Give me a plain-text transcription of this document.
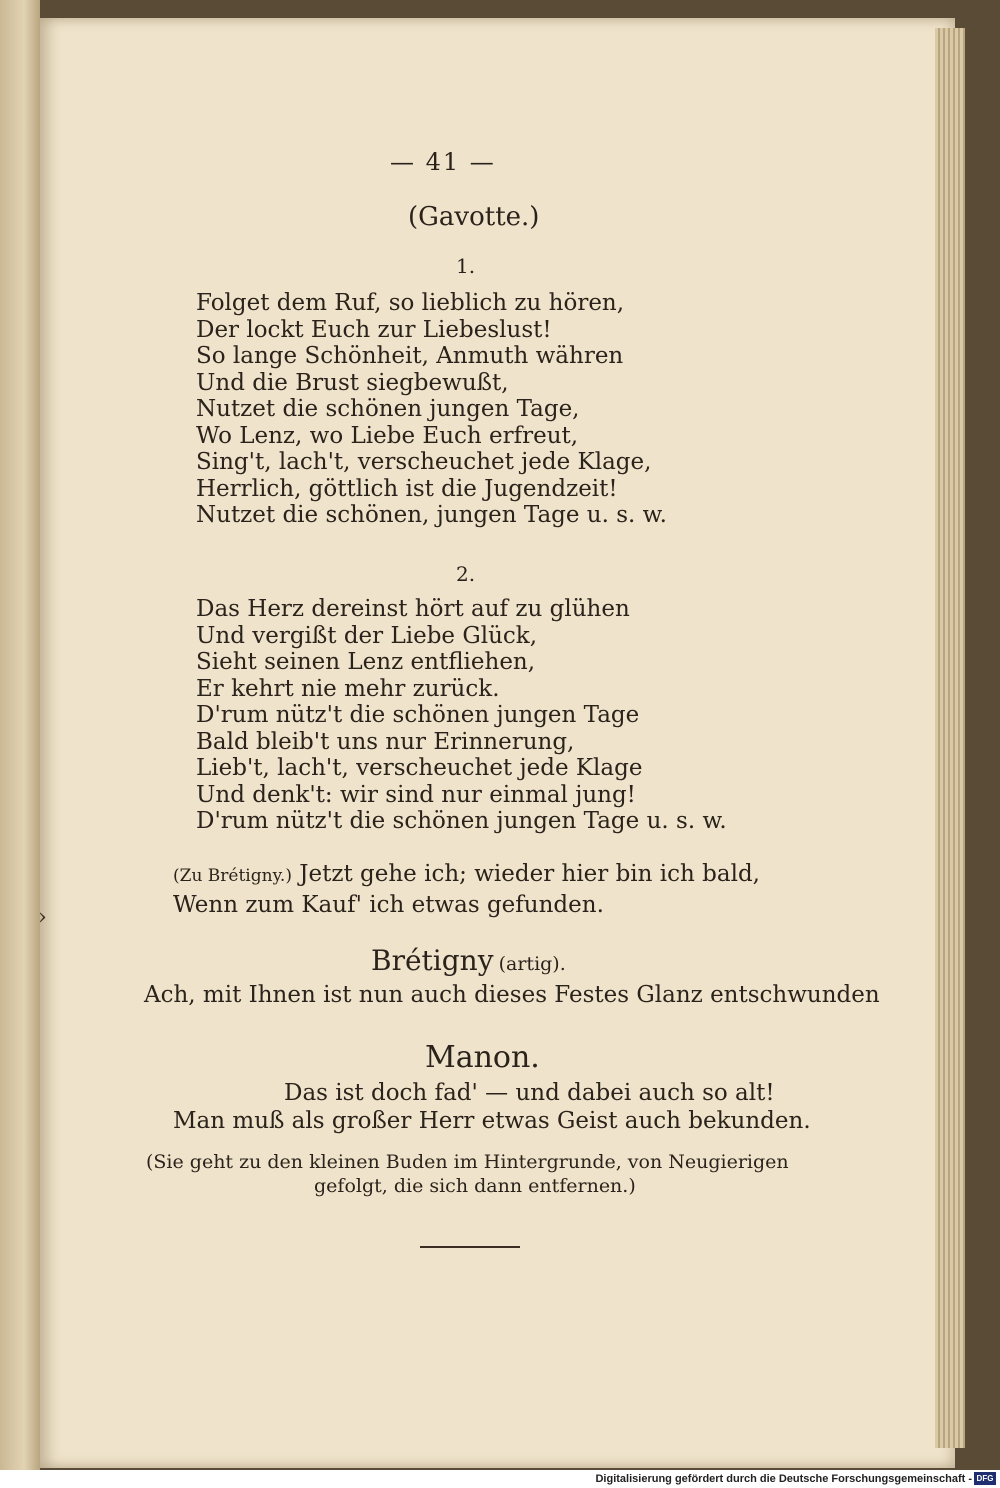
›
— 41 —
(Gavotte.)
1.
Folget dem Ruf, so lieblich zu hören,
Der lockt Euch zur Liebeslust!
So lange Schönheit, Anmuth währen
Und die Brust siegbewußt,
Nutzet die schönen jungen Tage,
Wo Lenz, wo Liebe Euch erfreut,
Sing't, lach't, verscheuchet jede Klage,
Herrlich, göttlich ist die Jugendzeit!
Nutzet die schönen, jungen Tage u. s. w.
2.
Das Herz dereinst hört auf zu glühen
Und vergißt der Liebe Glück,
Sieht seinen Lenz entfliehen,
Er kehrt nie mehr zurück.
D'rum nütz't die schönen jungen Tage
Bald bleib't uns nur Erinnerung,
Lieb't, lach't, verscheuchet jede Klage
Und denk't: wir sind nur einmal jung!
D'rum nütz't die schönen jungen Tage u. s. w.
(Zu Brétigny.) Jetzt gehe ich; wieder hier bin ich bald,
Wenn zum Kauf' ich etwas gefunden.
Brétigny (artig).
Ach, mit Ihnen ist nun auch dieses Festes Glanz entschwunden
Manon.
Das ist doch fad' — und dabei auch so alt!
Man muß als großer Herr etwas Geist auch bekunden.
(Sie geht zu den kleinen Buden im Hintergrunde, von Neugierigen
gefolgt, die sich dann entfernen.)
Digitalisierung gefördert durch die Deutsche Forschungsgemeinschaft - DFG
